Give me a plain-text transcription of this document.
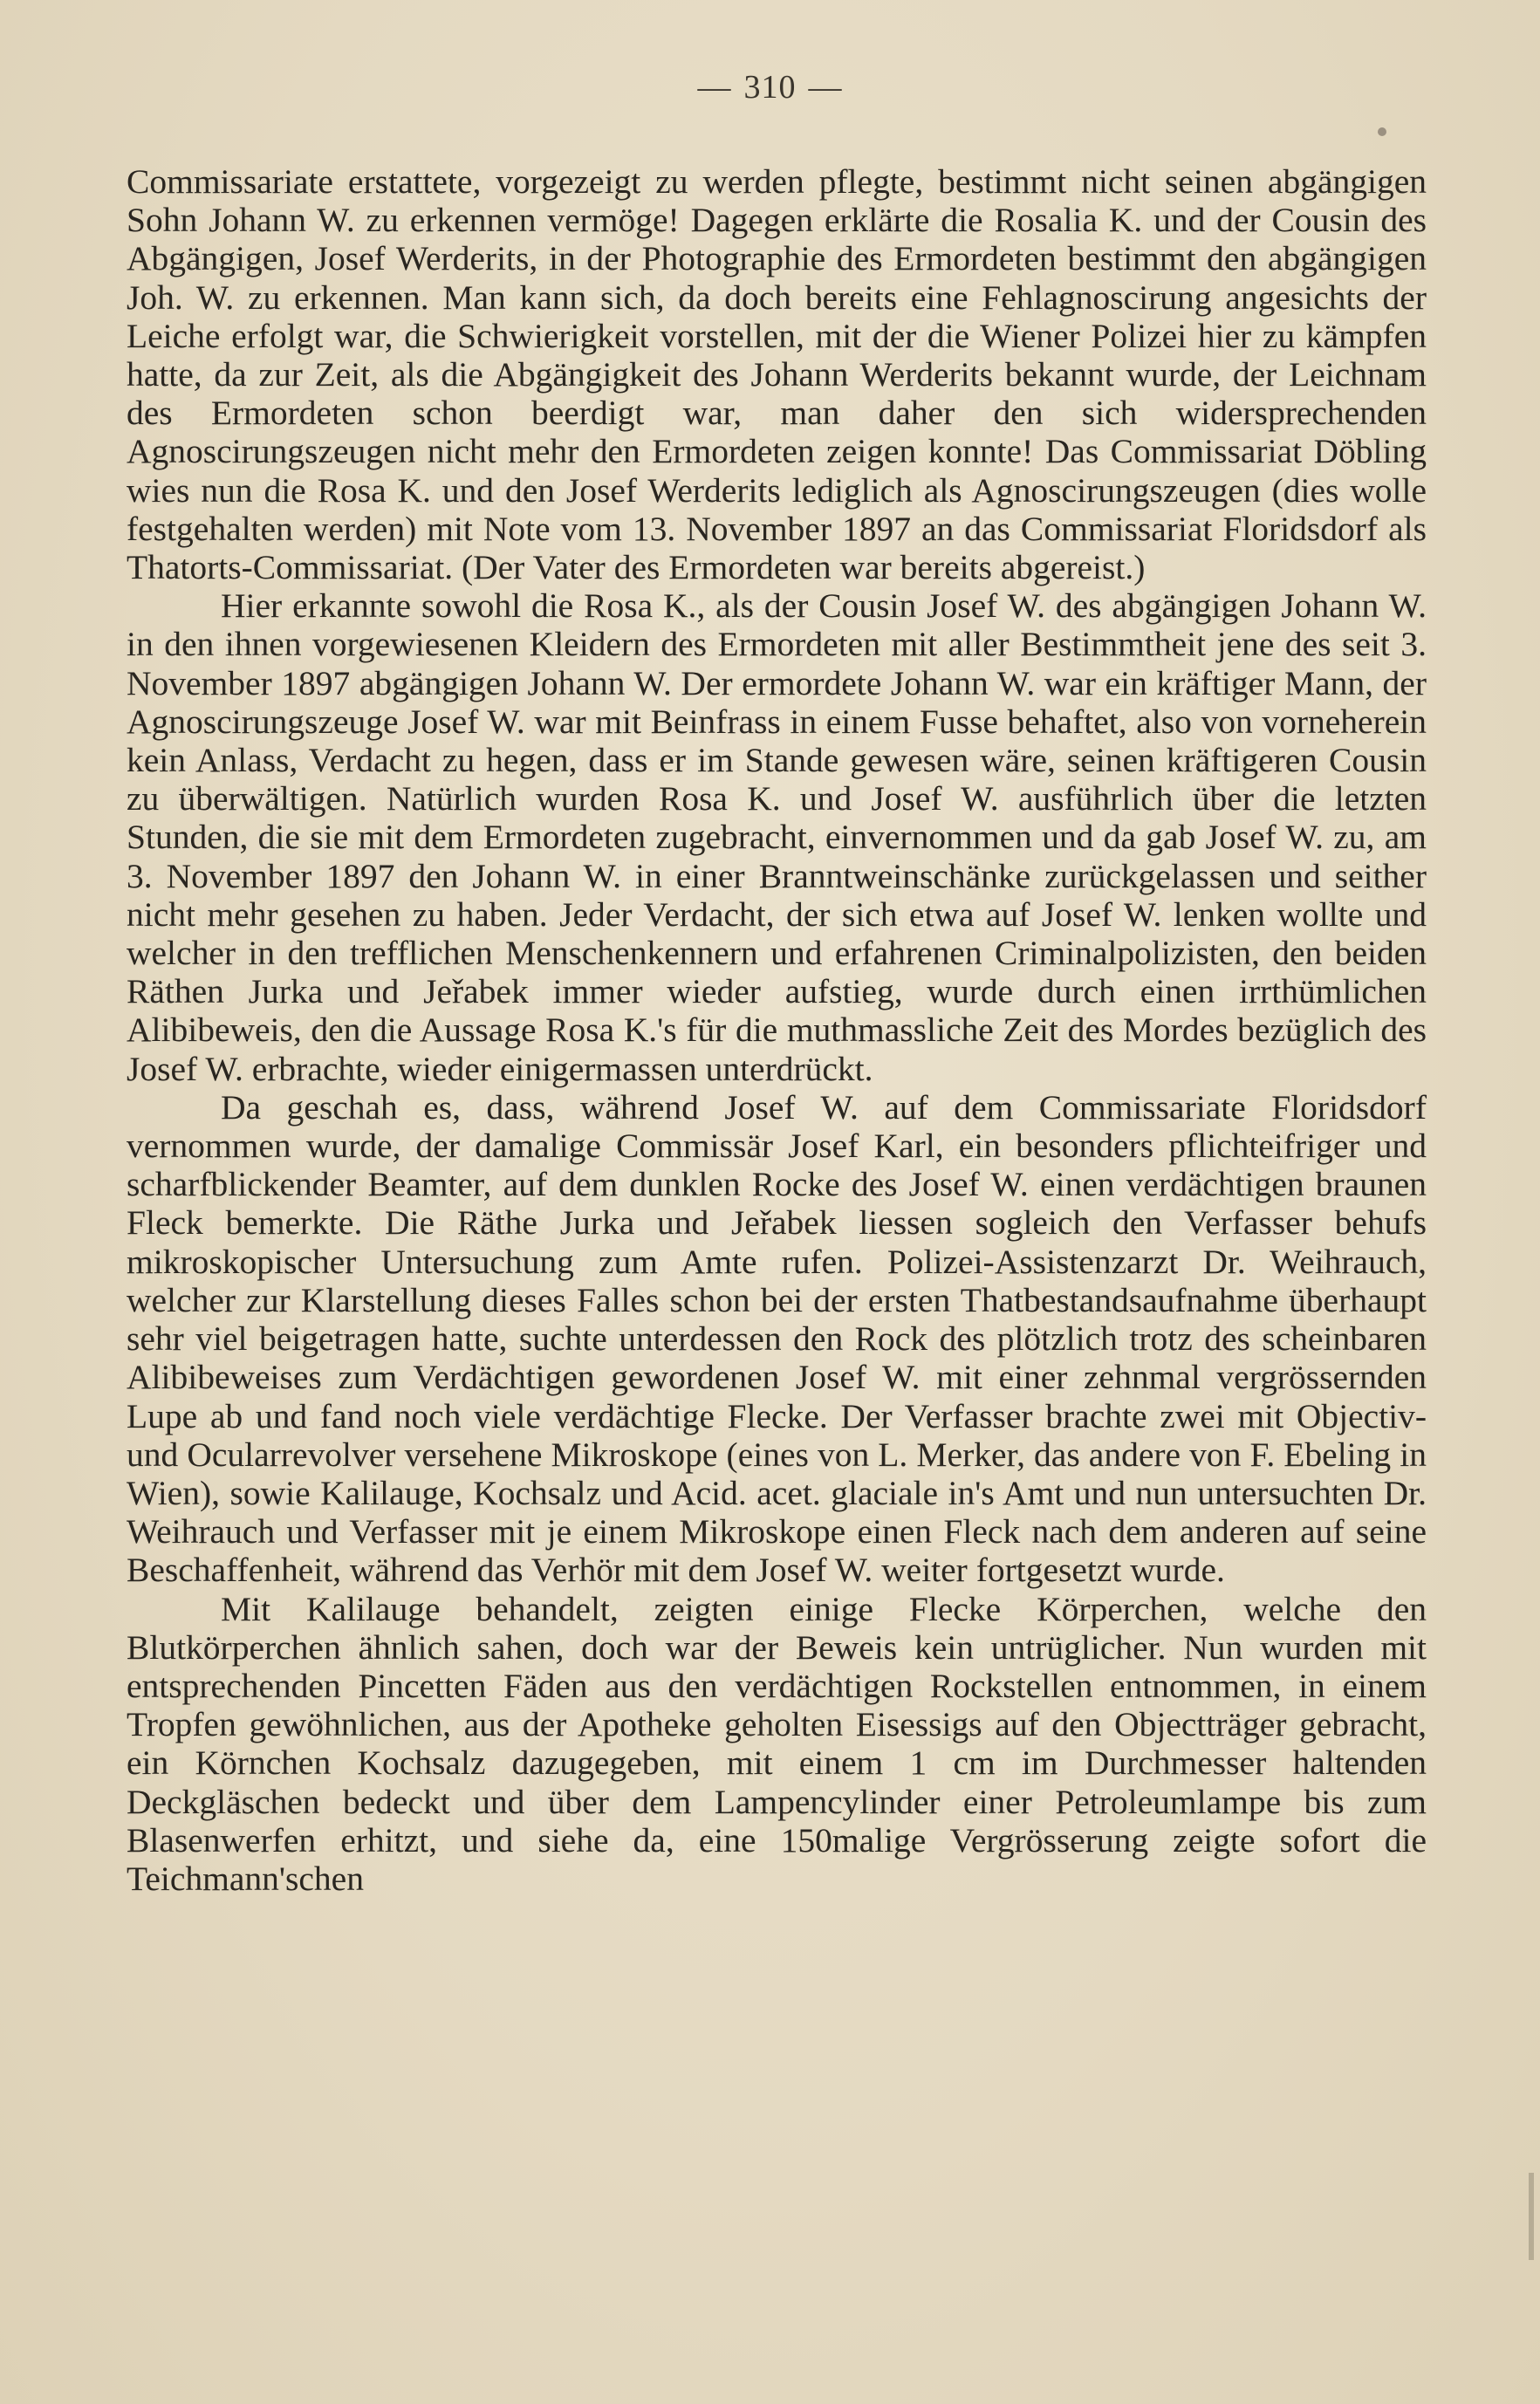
— 310 —

Commissariate erstattete, vorgezeigt zu werden pflegte, bestimmt nicht seinen abgängigen Sohn Johann W. zu erkennen vermöge! Dagegen erklärte die Rosalia K. und der Cousin des Abgängigen, Josef Werderits, in der Photographie des Ermordeten bestimmt den abgängigen Joh. W. zu erkennen. Man kann sich, da doch bereits eine Fehlagnoscirung angesichts der Leiche erfolgt war, die Schwierigkeit vorstellen, mit der die Wiener Polizei hier zu kämpfen hatte, da zur Zeit, als die Abgängigkeit des Johann Werderits bekannt wurde, der Leichnam des Ermordeten schon beerdigt war, man daher den sich widersprechenden Agnoscirungszeugen nicht mehr den Ermordeten zeigen konnte! Das Commissariat Döbling wies nun die Rosa K. und den Josef Werderits lediglich als Agnoscirungszeugen (dies wolle festgehalten werden) mit Note vom 13. November 1897 an das Commissariat Floridsdorf als Thatorts-Commissariat. (Der Vater des Ermordeten war bereits abgereist.)

Hier erkannte sowohl die Rosa K., als der Cousin Josef W. des abgängigen Johann W. in den ihnen vorgewiesenen Kleidern des Ermordeten mit aller Bestimmtheit jene des seit 3. November 1897 abgängigen Johann W. Der ermordete Johann W. war ein kräftiger Mann, der Agnoscirungszeuge Josef W. war mit Beinfrass in einem Fusse behaftet, also von vorneherein kein Anlass, Verdacht zu hegen, dass er im Stande gewesen wäre, seinen kräftigeren Cousin zu überwältigen. Natürlich wurden Rosa K. und Josef W. ausführlich über die letzten Stunden, die sie mit dem Ermordeten zugebracht, einvernommen und da gab Josef W. zu, am 3. November 1897 den Johann W. in einer Branntweinschänke zurückgelassen und seither nicht mehr gesehen zu haben. Jeder Verdacht, der sich etwa auf Josef W. lenken wollte und welcher in den trefflichen Menschenkennern und erfahrenen Criminalpolizisten, den beiden Räthen Jurka und Jeřabek immer wieder aufstieg, wurde durch einen irrthümlichen Alibibeweis, den die Aussage Rosa K.'s für die muthmassliche Zeit des Mordes bezüglich des Josef W. erbrachte, wieder einigermassen unterdrückt.

Da geschah es, dass, während Josef W. auf dem Commissariate Floridsdorf vernommen wurde, der damalige Commissär Josef Karl, ein besonders pflichteifriger und scharfblickender Beamter, auf dem dunklen Rocke des Josef W. einen verdächtigen braunen Fleck bemerkte. Die Räthe Jurka und Jeřabek liessen sogleich den Verfasser behufs mikroskopischer Untersuchung zum Amte rufen. Polizei-Assistenzarzt Dr. Weihrauch, welcher zur Klarstellung dieses Falles schon bei der ersten Thatbestandsaufnahme überhaupt sehr viel beigetragen hatte, suchte unterdessen den Rock des plötzlich trotz des scheinbaren Alibibeweises zum Verdächtigen gewordenen Josef W. mit einer zehnmal vergrössernden Lupe ab und fand noch viele verdächtige Flecke. Der Verfasser brachte zwei mit Objectiv- und Ocularrevolver versehene Mikroskope (eines von L. Merker, das andere von F. Ebeling in Wien), sowie Kalilauge, Kochsalz und Acid. acet. glaciale in's Amt und nun untersuchten Dr. Weihrauch und Verfasser mit je einem Mikroskope einen Fleck nach dem anderen auf seine Beschaffenheit, während das Verhör mit dem Josef W. weiter fortgesetzt wurde.

Mit Kalilauge behandelt, zeigten einige Flecke Körperchen, welche den Blutkörperchen ähnlich sahen, doch war der Beweis kein untrüglicher. Nun wurden mit entsprechenden Pincetten Fäden aus den verdächtigen Rockstellen entnommen, in einem Tropfen gewöhnlichen, aus der Apotheke geholten Eisessigs auf den Objectträger gebracht, ein Körnchen Kochsalz dazugegeben, mit einem 1 cm im Durchmesser haltenden Deckgläschen bedeckt und über dem Lampencylinder einer Petroleumlampe bis zum Blasenwerfen erhitzt, und siehe da, eine 150malige Vergrösserung zeigte sofort die Teichmann'schen
